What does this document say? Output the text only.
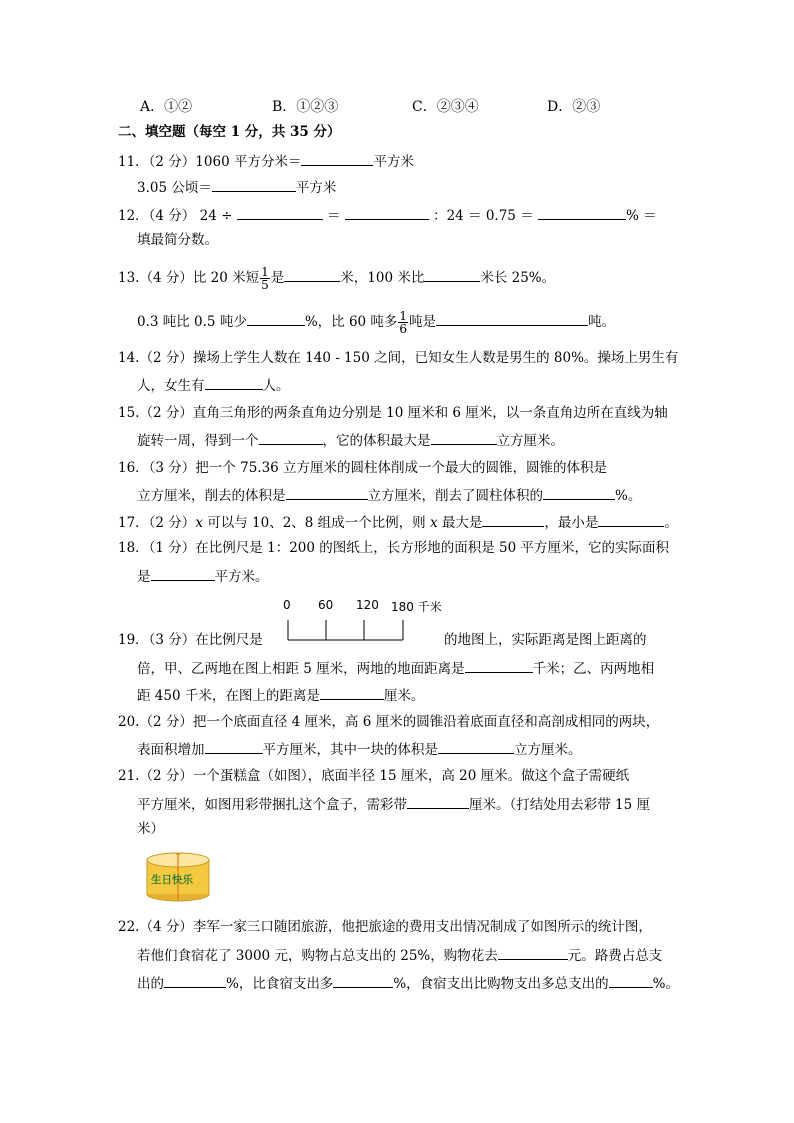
A．①②	B．①②③	C．②③④	D．②③
二、填空题（每空 1 分，共 35 分）
11．（2 分）1060 平方分米＝	平方米
3.05 公顷＝	平方米
12．（4 分） 24 ÷	＝	：24 ＝ 0.75 ＝	% ＝
填最简分数。
13.（4 分）比 20 米短 $\frac{1}{5}$ 是	米，100 米比	米长 25%。
0.3 吨比 0.5 吨少	%，比 60 吨多 $\frac{1}{6}$ 吨是	吨。
14.（2 分）操场上学生人数在 140 - 150 之间，已知女生人数是男生的 80%。操场上男生有
人，女生有	人。
15.（2 分）直角三角形的两条直角边分别是 10 厘米和 6 厘米，以一条直角边所在直线为轴
旋转一周，得到一个	，它的体积最大是	立方厘米。
16．（3 分）把一个 75.36 立方厘米的圆柱体削成一个最大的圆锥，圆锥的体积是
立方厘米，削去的体积是	立方厘米，削去了圆柱体积的	%。
17．（2 分）x 可以与 10、2、8 组成一个比例，则 x 最大是	，最小是	。
18．（1 分）在比例尺是 1：200 的图纸上，长方形地的面积是 50 平方厘米，它的实际面积
是	平方米。
0 60 120 180 千米
19．（3 分）在比例尺是	的地图上，实际距离是图上距离的
倍，甲、乙两地在图上相距 5 厘米，两地的地面距离是	千米；乙、丙两地相
距 450 千米，在图上的距离是	厘米。
20.（2 分）把一个底面直径 4 厘米，高 6 厘米的圆锥沿着底面直径和高剖成相同的两块，
表面积增加	平方厘米，其中一块的体积是	立方厘米。
21.（2 分）一个蛋糕盒（如图），底面半径 15 厘米，高 20 厘米。做这个盒子需硬纸
平方厘米，如图用彩带捆扎这个盒子，需彩带	厘米。（打结处用去彩带 15 厘
米）
生日快乐
22.（4 分）李军一家三口随团旅游，他把旅途的费用支出情况制成了如图所示的统计图，
若他们食宿花了 3000 元，购物占总支出的 25%，购物花去	元。路费占总支
出的	%，比食宿支出多	%，食宿支出比购物支出多总支出的	%。
